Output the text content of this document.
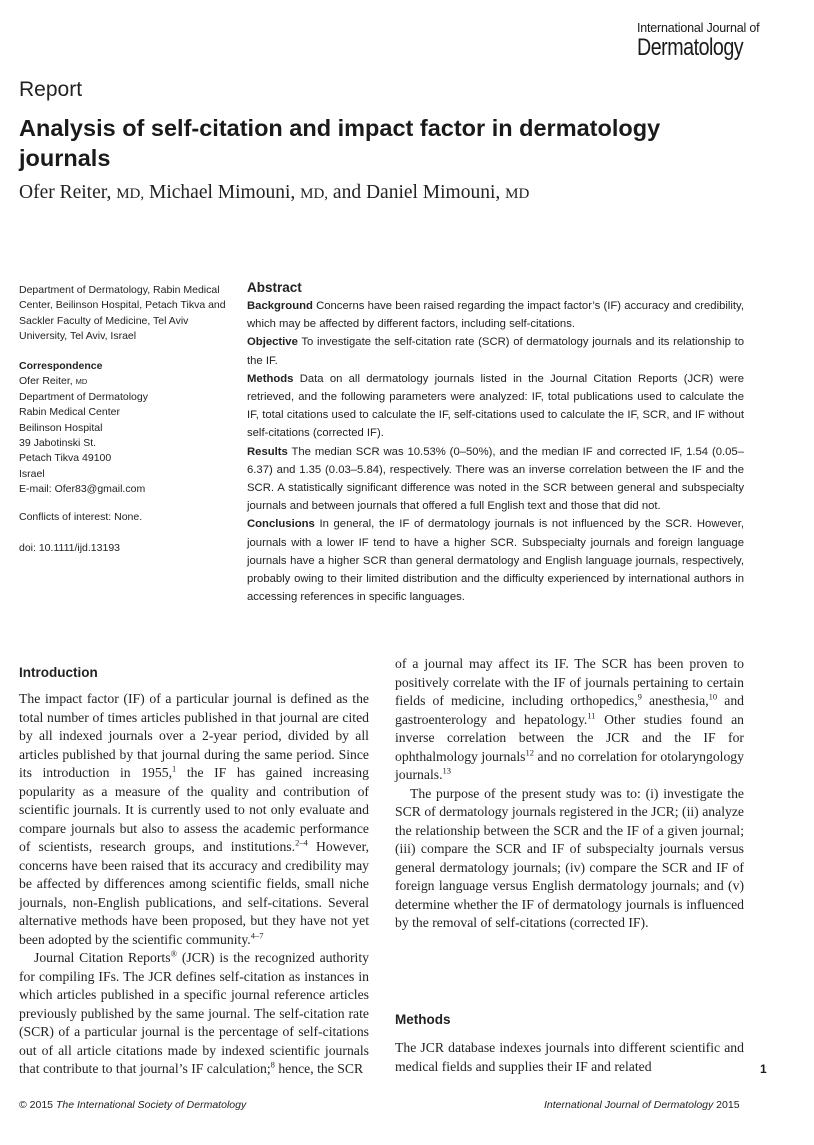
International Journal of
Dermatology
Report
Analysis of self-citation and impact factor in dermatology journals
Ofer Reiter, MD, Michael Mimouni, MD, and Daniel Mimouni, MD
Department of Dermatology, Rabin Medical Center, Beilinson Hospital, Petach Tikva and Sackler Faculty of Medicine, Tel Aviv University, Tel Aviv, Israel
Correspondence
Ofer Reiter, MD
Department of Dermatology
Rabin Medical Center
Beilinson Hospital
39 Jabotinski St.
Petach Tikva 49100
Israel
E-mail: Ofer83@gmail.com
Conflicts of interest: None.
doi: 10.1111/ijd.13193
Abstract

Background Concerns have been raised regarding the impact factor’s (IF) accuracy and credibility, which may be affected by different factors, including self-citations.

Objective To investigate the self-citation rate (SCR) of dermatology journals and its relationship to the IF.

Methods Data on all dermatology journals listed in the Journal Citation Reports (JCR) were retrieved, and the following parameters were analyzed: IF, total publications used to calculate the IF, total citations used to calculate the IF, self-citations used to calculate the IF, SCR, and IF without self-citations (corrected IF).

Results The median SCR was 10.53% (0–50%), and the median IF and corrected IF, 1.54 (0.05–6.37) and 1.35 (0.03–5.84), respectively. There was an inverse correlation between the IF and the SCR. A statistically significant difference was noted in the SCR between general and subspecialty journals and between journals that offered a full English text and those that did not.

Conclusions In general, the IF of dermatology journals is not influenced by the SCR. However, journals with a lower IF tend to have a higher SCR. Subspecialty journals and foreign language journals have a higher SCR than general dermatology and English language journals, respectively, probably owing to their limited distribution and the difficulty experienced by international authors in accessing references in specific languages.

Introduction

The impact factor (IF) of a particular journal is defined as the total number of times articles published in that journal are cited by all indexed journals over a 2-year period, divided by all articles published by that journal during the same period. Since its introduction in 1955,$^1$ the IF has gained increasing popularity as a measure of the quality and contribution of scientific journals. It is currently used to not only evaluate and compare journals but also to assess the academic performance of scientists, research groups, and institutions.$^{2-4}$ However, concerns have been raised that its accuracy and credibility may be affected by differences among scientific fields, small niche journals, non-English publications, and self-citations. Several alternative methods have been proposed, but they have not yet been adopted by the scientific community.$^{4-7}$

Journal Citation Reports® (JCR) is the recognized authority for compiling IFs. The JCR defines self-citation as instances in which articles published in a specific journal reference articles previously published by the same journal. The self-citation rate (SCR) of a particular journal is the percentage of self-citations out of all article citations made by indexed scientific journals that contribute to that journal’s IF calculation;$^8$ hence, the SCR

Methods

The JCR database indexes journals into different scientific and medical fields and supplies their IF and related	1
© 2015 The International Society of Dermatology	International Journal of Dermatology 2015

of a journal may affect its IF. The SCR has been proven to positively correlate with the IF of journals pertaining to certain fields of medicine, including orthopedics,$^9$ anesthesia,$^{10}$ and gastroenterology and hepatology.$^{11}$ Other studies found an inverse correlation between the JCR and the IF for ophthalmology journals$^{12}$ and no correlation for otolaryngology journals.$^{13}$

The purpose of the present study was to: (i) investigate the SCR of dermatology journals registered in the JCR; (ii) analyze the relationship between the SCR and the IF of a given journal; (iii) compare the SCR and IF of subspecialty journals versus general dermatology journals; (iv) compare the SCR and IF of foreign language versus English dermatology journals; and (v) determine whether the IF of dermatology journals is influenced by the removal of self-citations (corrected IF).
